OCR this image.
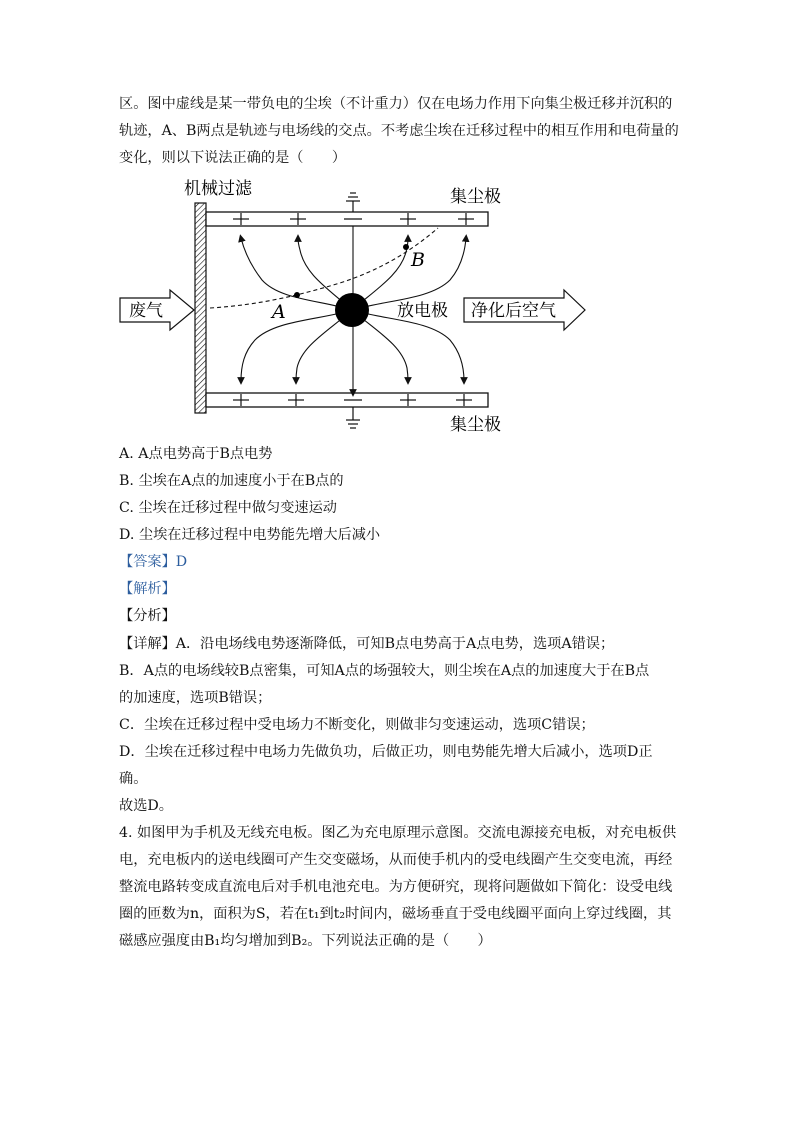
区。图中虚线是某一带负电的尘埃（不计重力）仅在电场力作用下向集尘极迁移并沉积的
轨迹，A、B两点是轨迹与电场线的交点。不考虑尘埃在迁移过程中的相互作用和电荷量的
变化，则以下说法正确的是（　　）
机械过滤	集尘极
集尘极
放电极
A
B
废气	净化后空气
A. A点电势高于B点电势
B. 尘埃在A点的加速度小于在B点的
C. 尘埃在迁移过程中做匀变速运动
D. 尘埃在迁移过程中电势能先增大后减小
【答案】D
【解析】
【分析】
【详解】A．沿电场线电势逐渐降低，可知B点电势高于A点电势，选项A错误；
B．A点的电场线较B点密集，可知A点的场强较大，则尘埃在A点的加速度大于在B点
的加速度，选项B错误；
C．尘埃在迁移过程中受电场力不断变化，则做非匀变速运动，选项C错误；
D．尘埃在迁移过程中电场力先做负功，后做正功，则电势能先增大后减小，选项D正
确。
故选D。
4. 如图甲为手机及无线充电板。图乙为充电原理示意图。交流电源接充电板，对充电板供
电，充电板内的送电线圈可产生交变磁场，从而使手机内的受电线圈产生交变电流，再经
整流电路转变成直流电后对手机电池充电。为方便研究，现将问题做如下简化：设受电线
圈的匝数为n，面积为S，若在t₁到t₂时间内，磁场垂直于受电线圈平面向上穿过线圈，其
磁感应强度由B₁均匀增加到B₂。下列说法正确的是（　　）
